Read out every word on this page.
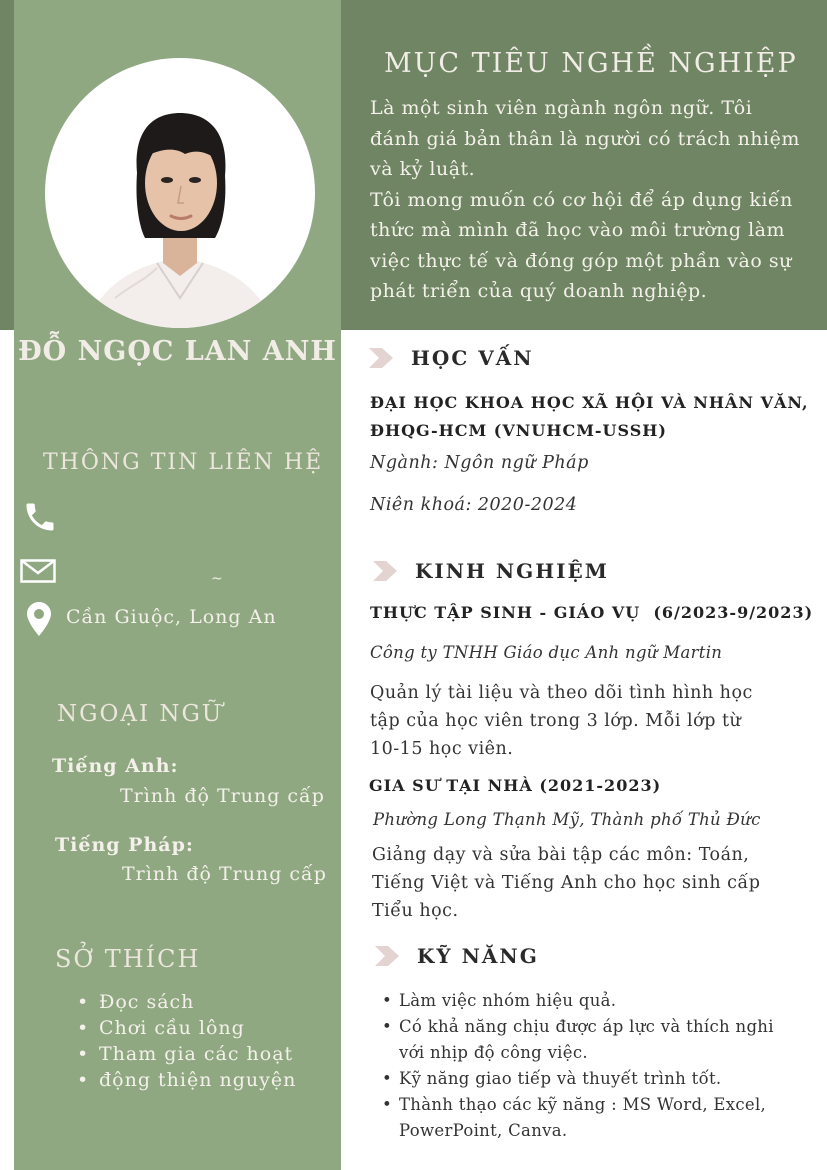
MỤC TIÊU NGHỀ NGHIỆP
Là một sinh viên ngành ngôn ngữ. Tôi
đánh giá bản thân là người có trách nhiệm
và kỷ luật.
Tôi mong muốn có cơ hội để áp dụng kiến
thức mà mình đã học vào môi trường làm
việc thực tế và đóng góp một phần vào sự
phát triển của quý doanh nghiệp.
ĐỖ NGỌC LAN ANH
THÔNG TIN LIÊN HỆ
~
Cần Giuộc, Long An
NGOẠI NGỮ
Tiếng Anh:
Trình độ Trung cấp
Tiếng Pháp:
Trình độ Trung cấp
SỞ THÍCH
• Đọc sách
• Chơi cầu lông
• Tham gia các hoạt
• động thiện nguyện
HỌC VẤN
ĐẠI HỌC KHOA HỌC XÃ HỘI VÀ NHÂN VĂN,
ĐHQG-HCM (VNUHCM-USSH)
Ngành: Ngôn ngữ Pháp
Niên khoá: 2020-2024
KINH NGHIỆM
THỰC TẬP SINH - GIÁO VỤ  (6/2023-9/2023)
Công ty TNHH Giáo dục Anh ngữ Martin
Quản lý tài liệu và theo dõi tình hình học
tập của học viên trong 3 lớp. Mỗi lớp từ
10-15 học viên.
GIA SƯ TẠI NHÀ (2021-2023)
Phường Long Thạnh Mỹ, Thành phố Thủ Đức
Giảng dạy và sửa bài tập các môn: Toán,
Tiếng Việt và Tiếng Anh cho học sinh cấp
Tiểu học.
KỸ NĂNG
• Làm việc nhóm hiệu quả.
• Có khả năng chịu được áp lực và thích nghi
với nhịp độ công việc.
• Kỹ năng giao tiếp và thuyết trình tốt.
• Thành thạo các kỹ năng : MS Word, Excel,
PowerPoint, Canva.
